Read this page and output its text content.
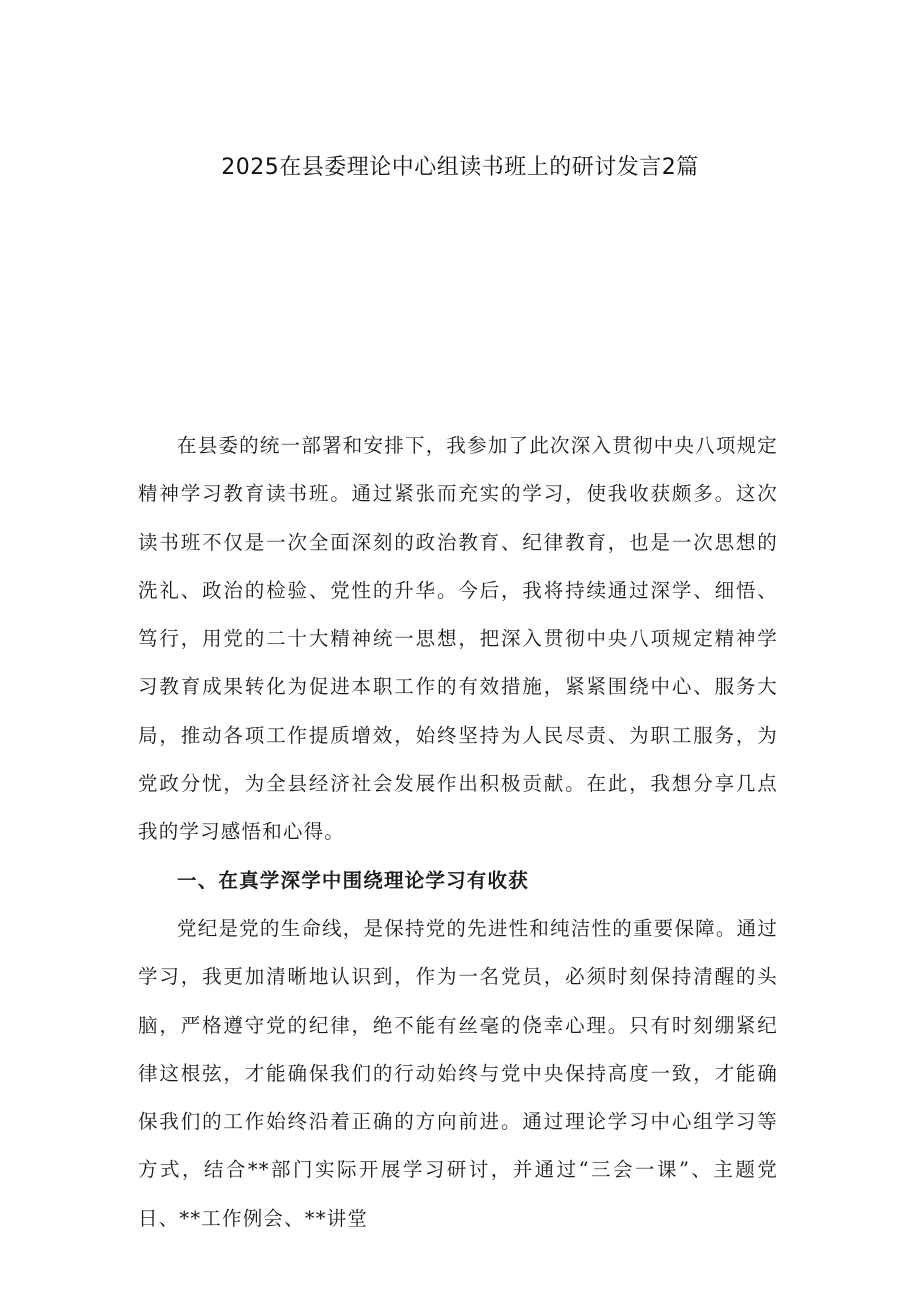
2025在县委理论中心组读书班上的研讨发言2篇

在县委的统一部署和安排下，我参加了此次深入贯彻中央八项规定精神学习教育读书班。通过紧张而充实的学习，使我收获颇多。这次读书班不仅是一次全面深刻的政治教育、纪律教育，也是一次思想的洗礼、政治的检验、党性的升华。今后，我将持续通过深学、细悟、笃行，用党的二十大精神统一思想，把深入贯彻中央八项规定精神学习教育成果转化为促进本职工作的有效措施，紧紧围绕中心、服务大局，推动各项工作提质增效，始终坚持为人民尽责、为职工服务，为党政分忧，为全县经济社会发展作出积极贡献。在此，我想分享几点我的学习感悟和心得。

一、在真学深学中围绕理论学习有收获

党纪是党的生命线，是保持党的先进性和纯洁性的重要保障。通过学习，我更加清晰地认识到，作为一名党员，必须时刻保持清醒的头脑，严格遵守党的纪律，绝不能有丝毫的侥幸心理。只有时刻绷紧纪律这根弦，才能确保我们的行动始终与党中央保持高度一致，才能确保我们的工作始终沿着正确的方向前进。通过理论学习中心组学习等方式，结合**部门实际开展学习研讨，并通过“三会一课”、主题党日、**工作例会、**讲堂
